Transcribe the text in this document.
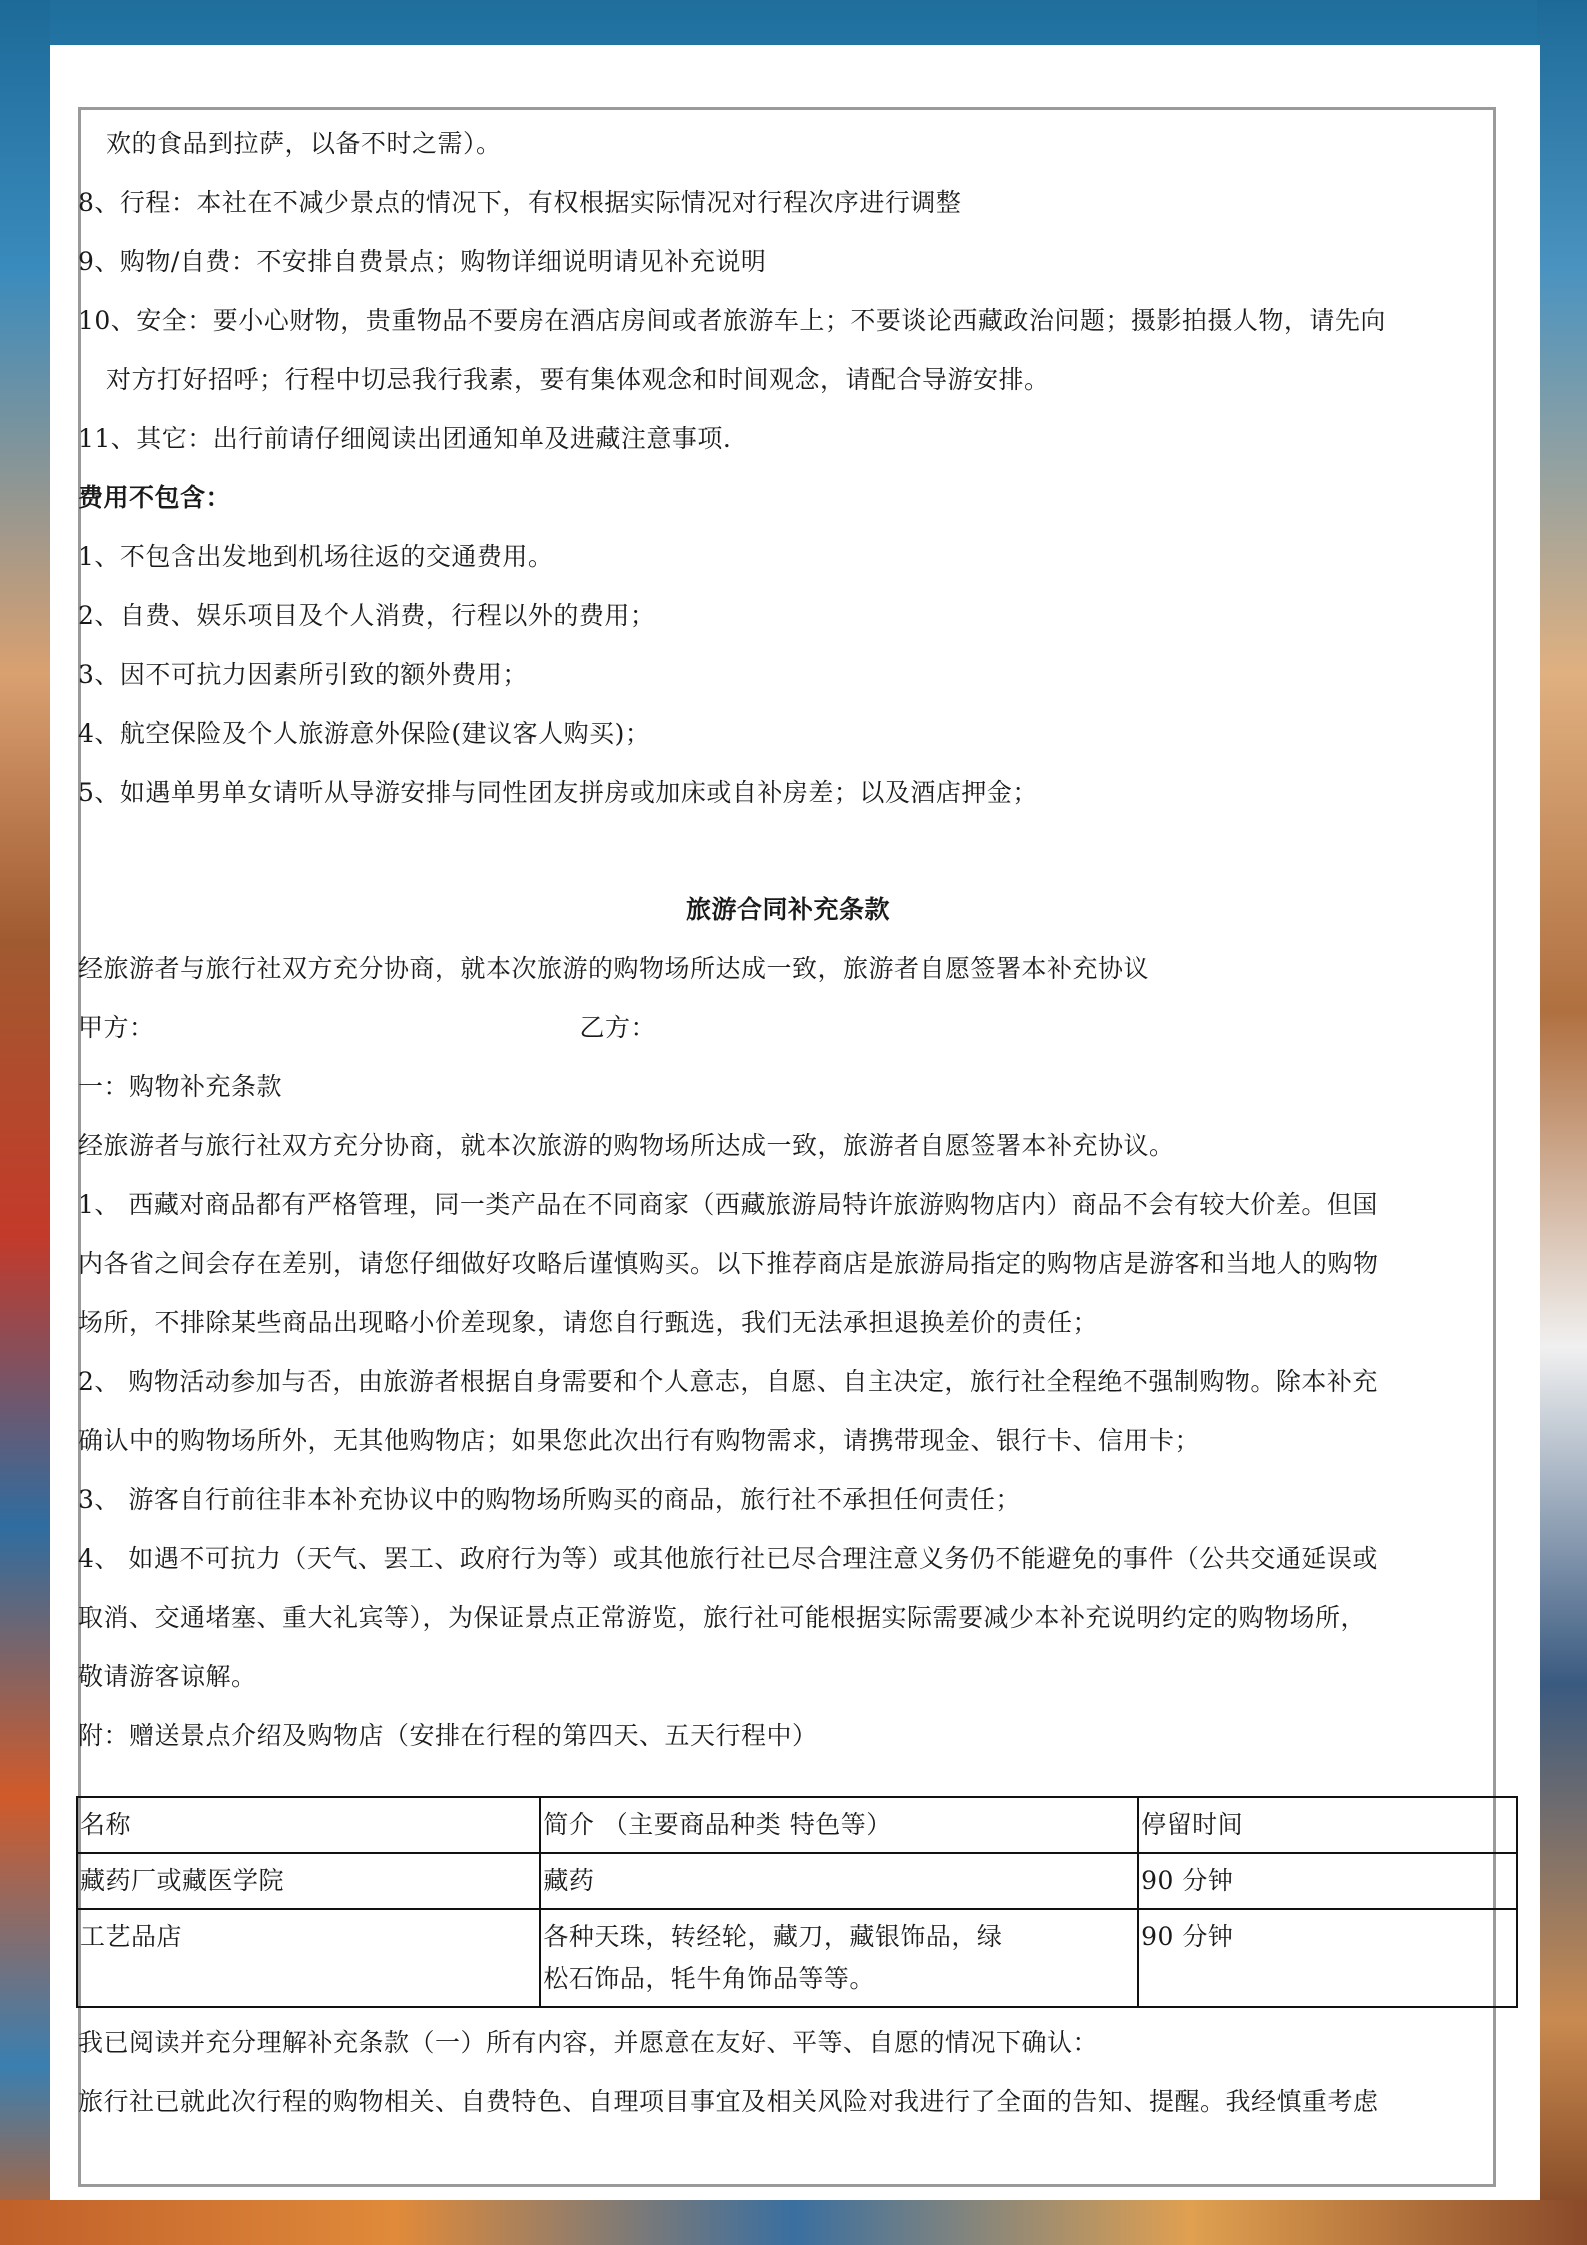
欢的食品到拉萨，以备不时之需）。
8、行程：本社在不减少景点的情况下，有权根据实际情况对行程次序进行调整
9、购物/自费：不安排自费景点；购物详细说明请见补充说明
10、安全：要小心财物，贵重物品不要房在酒店房间或者旅游车上；不要谈论西藏政治问题；摄影拍摄人物，请先向
对方打好招呼；行程中切忌我行我素，要有集体观念和时间观念，请配合导游安排。
11、其它：出行前请仔细阅读出团通知单及进藏注意事项.
费用不包含：
1、不包含出发地到机场往返的交通费用。
2、自费、娱乐项目及个人消费，行程以外的费用；
3、因不可抗力因素所引致的额外费用；
4、航空保险及个人旅游意外保险(建议客人购买)；
5、如遇单男单女请听从导游安排与同性团友拼房或加床或自补房差；以及酒店押金；
旅游合同补充条款
经旅游者与旅行社双方充分协商，就本次旅游的购物场所达成一致，旅游者自愿签署本补充协议
甲方：	乙方：
一：购物补充条款
经旅游者与旅行社双方充分协商，就本次旅游的购物场所达成一致，旅游者自愿签署本补充协议。
1、 西藏对商品都有严格管理，同一类产品在不同商家（西藏旅游局特许旅游购物店内）商品不会有较大价差。但国
内各省之间会存在差别，请您仔细做好攻略后谨慎购买。以下推荐商店是旅游局指定的购物店是游客和当地人的购物
场所，不排除某些商品出现略小价差现象，请您自行甄选，我们无法承担退换差价的责任；
2、 购物活动参加与否，由旅游者根据自身需要和个人意志，自愿、自主决定，旅行社全程绝不强制购物。除本补充
确认中的购物场所外，无其他购物店；如果您此次出行有购物需求，请携带现金、银行卡、信用卡；
3、 游客自行前往非本补充协议中的购物场所购买的商品，旅行社不承担任何责任；
4、 如遇不可抗力（天气、罢工、政府行为等）或其他旅行社已尽合理注意义务仍不能避免的事件（公共交通延误或
取消、交通堵塞、重大礼宾等），为保证景点正常游览，旅行社可能根据实际需要减少本补充说明约定的购物场所，
敬请游客谅解。
附：赠送景点介绍及购物店（安排在行程的第四天、五天行程中）
名称	简介 （主要商品种类 特色等）	停留时间
藏药厂或藏医学院	藏药	90 分钟
工艺品店	各种天珠，转经轮，藏刀，藏银饰品，绿
松石饰品，牦牛角饰品等等。	90 分钟
我已阅读并充分理解补充条款（一）所有内容，并愿意在友好、平等、自愿的情况下确认：
旅行社已就此次行程的购物相关、自费特色、自理项目事宜及相关风险对我进行了全面的告知、提醒。我经慎重考虑
